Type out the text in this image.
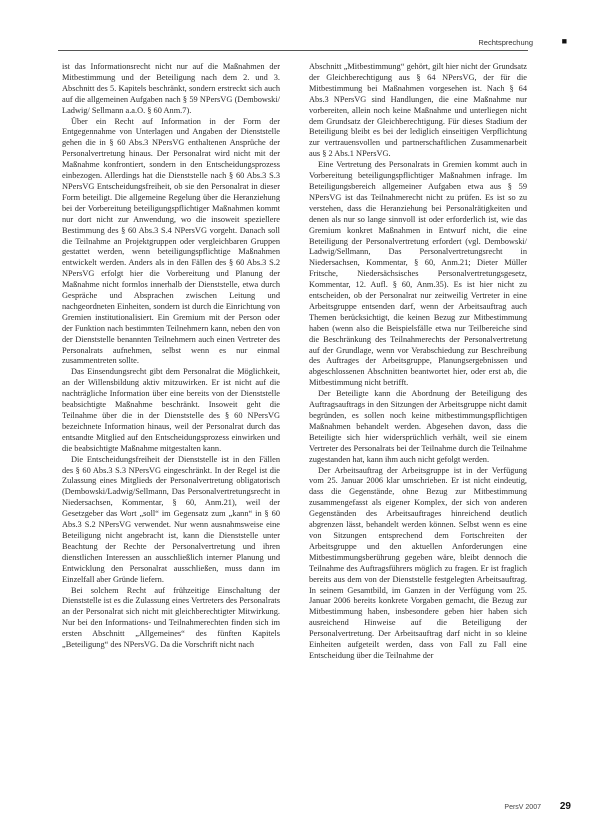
Rechtsprechung	■

ist das Informationsrecht nicht nur auf die Maßnahmen der Mitbestimmung und der Beteiligung nach dem 2. und 3. Abschnitt des 5. Kapitels beschränkt, sondern erstreckt sich auch auf die allgemeinen Aufgaben nach § 59 NPersVG (Dembowski/ Ladwig/ Sellmann a.a.O. § 60 Anm.7).

Über ein Recht auf Information in der Form der Entgegennahme von Unterlagen und Angaben der Dienststelle gehen die in § 60 Abs.3 NPersVG enthaltenen Ansprüche der Personalvertretung hinaus. Der Personalrat wird nicht mit der Maßnahme konfrontiert, sondern in den Entscheidungsprozess einbezogen. Allerdings hat die Dienststelle nach § 60 Abs.3 S.3 NPersVG Entscheidungsfreiheit, ob sie den Personalrat in dieser Form beteiligt. Die allgemeine Regelung über die Heranziehung bei der Vorbereitung beteiligungspflichtiger Maßnahmen kommt nur dort nicht zur Anwendung, wo die insoweit speziellere Bestimmung des § 60 Abs.3 S.4 NPersVG vorgeht. Danach soll die Teilnahme an Projektgruppen oder vergleichbaren Gruppen gestattet werden, wenn beteiligungspflichtige Maßnahmen entwickelt werden. Anders als in den Fällen des § 60 Abs.3 S.2 NPersVG erfolgt hier die Vorbereitung und Planung der Maßnahme nicht formlos innerhalb der Dienststelle, etwa durch Gespräche und Absprachen zwischen Leitung und nachgeordneten Einheiten, sondern ist durch die Einrichtung von Gremien institutionalisiert. Ein Gremium mit der Person oder der Funktion nach bestimmten Teilnehmern kann, neben den von der Dienststelle benannten Teilnehmern auch einen Vertreter des Personalrats aufnehmen, selbst wenn es nur einmal zusammentreten sollte.

Das Einsendungsrecht gibt dem Personalrat die Möglichkeit, an der Willensbildung aktiv mitzuwirken. Er ist nicht auf die nachträgliche Information über eine bereits von der Dienststelle beabsichtigte Maßnahme beschränkt. Insoweit geht die Teilnahme über die in der Dienststelle des § 60 NPersVG bezeichnete Information hinaus, weil der Personalrat durch das entsandte Mitglied auf den Entscheidungsprozess einwirken und die beabsichtigte Maßnahme mitgestalten kann.

Die Entscheidungsfreiheit der Dienststelle ist in den Fällen des § 60 Abs.3 S.3 NPersVG eingeschränkt. In der Regel ist die Zulassung eines Mitglieds der Personalvertretung obligatorisch (Dembowski/Ladwig/Sellmann, Das Personalvertretungsrecht in Niedersachsen, Kommentar, § 60, Anm.21), weil der Gesetzgeber das Wort „soll“ im Gegensatz zum „kann“ in § 60 Abs.3 S.2 NPersVG verwendet. Nur wenn ausnahmsweise eine Beteiligung nicht angebracht ist, kann die Dienststelle unter Beachtung der Rechte der Personalvertretung und ihren dienstlichen Interessen an ausschließlich interner Planung und Entwicklung den Personalrat ausschließen, muss dann im Einzelfall aber Gründe liefern.

Bei solchem Recht auf frühzeitige Einschaltung der Dienststelle ist es die Zulassung eines Vertreters des Personalrats an der Personalrat sich nicht mit gleichberechtigter Mitwirkung. Nur bei den Informations- und Teilnahmerechten finden sich im ersten Abschnitt „Allgemeines“ des fünften Kapitels „Beteiligung“ des NPersVG. Da die Vorschrift nicht nach

Abschnitt „Mitbestimmung“ gehört, gilt hier nicht der Grundsatz der Gleichberechtigung aus § 64 NPersVG, der für die Mitbestimmung bei Maßnahmen vorgesehen ist. Nach § 64 Abs.3 NPersVG sind Handlungen, die eine Maßnahme nur vorbereiten, allein noch keine Maßnahme und unterliegen nicht dem Grundsatz der Gleichberechtigung. Für dieses Stadium der Beteiligung bleibt es bei der lediglich einseitigen Verpflichtung zur vertrauensvollen und partnerschaftlichen Zusammenarbeit aus § 2 Abs.1 NPersVG.

Eine Vertretung des Personalrats in Gremien kommt auch in Vorbereitung beteiligungspflichtiger Maßnahmen infrage. Im Beteiligungsbereich allgemeiner Aufgaben etwa aus § 59 NPersVG ist das Teilnahmerecht nicht zu prüfen. Es ist so zu verstehen, dass die Heranziehung bei Personalrätigkeiten und denen als nur so lange sinnvoll ist oder erforderlich ist, wie das Gremium konkret Maßnahmen in Entwurf nicht, die eine Beteiligung der Personalvertretung erfordert (vgl. Dembowski/ Ladwig/Sellmann, Das Personalvertretungsrecht in Niedersachsen, Kommentar, § 60, Anm.21; Dieter Müller Fritsche, Niedersächsisches Personalvertretungsgesetz, Kommentar, 12. Aufl. § 60, Anm.35). Es ist hier nicht zu entscheiden, ob der Personalrat nur zeitweilig Vertreter in eine Arbeitsgruppe entsenden darf, wenn der Arbeitsauftrag auch Themen berücksichtigt, die keinen Bezug zur Mitbestimmung haben (wenn also die Beispielsfälle etwa nur Teilbereiche sind die Beschränkung des Teilnahmerechts der Personalvertretung auf der Grundlage, wenn vor Verabschiedung zur Beschreibung des Auftrages der Arbeitsgruppe, Planungsergebnissen und abgeschlossenen Abschnitten beantwortet hier, oder erst ab, die Mitbestimmung nicht betrifft.

Der Beteiligte kann die Abordnung der Beteiligung des Auftragsauftrags in den Sitzungen der Arbeitsgruppe nicht damit begründen, es sollen noch keine mitbestimmungspflichtigen Maßnahmen behandelt werden. Abgesehen davon, dass die Beteiligte sich hier widersprüchlich verhält, weil sie einem Vertreter des Personalrats bei der Teilnahme durch die Teilnahme zugestanden hat, kann ihm auch nicht gefolgt werden.

Der Arbeitsauftrag der Arbeitsgruppe ist in der Verfügung vom 25. Januar 2006 klar umschrieben. Er ist nicht eindeutig, dass die Gegenstände, ohne Bezug zur Mitbestimmung zusammengefasst als eigener Komplex, der sich von anderen Gegenständen des Arbeitsauftrages hinreichend deutlich abgrenzen lässt, behandelt werden können. Selbst wenn es eine von Sitzungen entsprechend dem Fortschreiten der Arbeitsgruppe und den aktuellen Anforderungen eine Mitbestimmungsberührung gegeben wäre, bleibt dennoch die Teilnahme des Auftragsführers möglich zu fragen. Er ist fraglich bereits aus dem von der Dienststelle festgelegten Arbeitsauftrag. In seinem Gesamtbild, im Ganzen in der Verfügung vom 25. Januar 2006 bereits konkrete Vorgaben gemacht, die Bezug zur Mitbestimmung haben, insbesondere geben hier haben sich ausreichend Hinweise auf die Beteiligung der Personalvertretung. Der Arbeitsauftrag darf nicht in so kleine Einheiten aufgeteilt werden, dass von Fall zu Fall eine Entscheidung über die Teilnahme der

PersV 2007 29
